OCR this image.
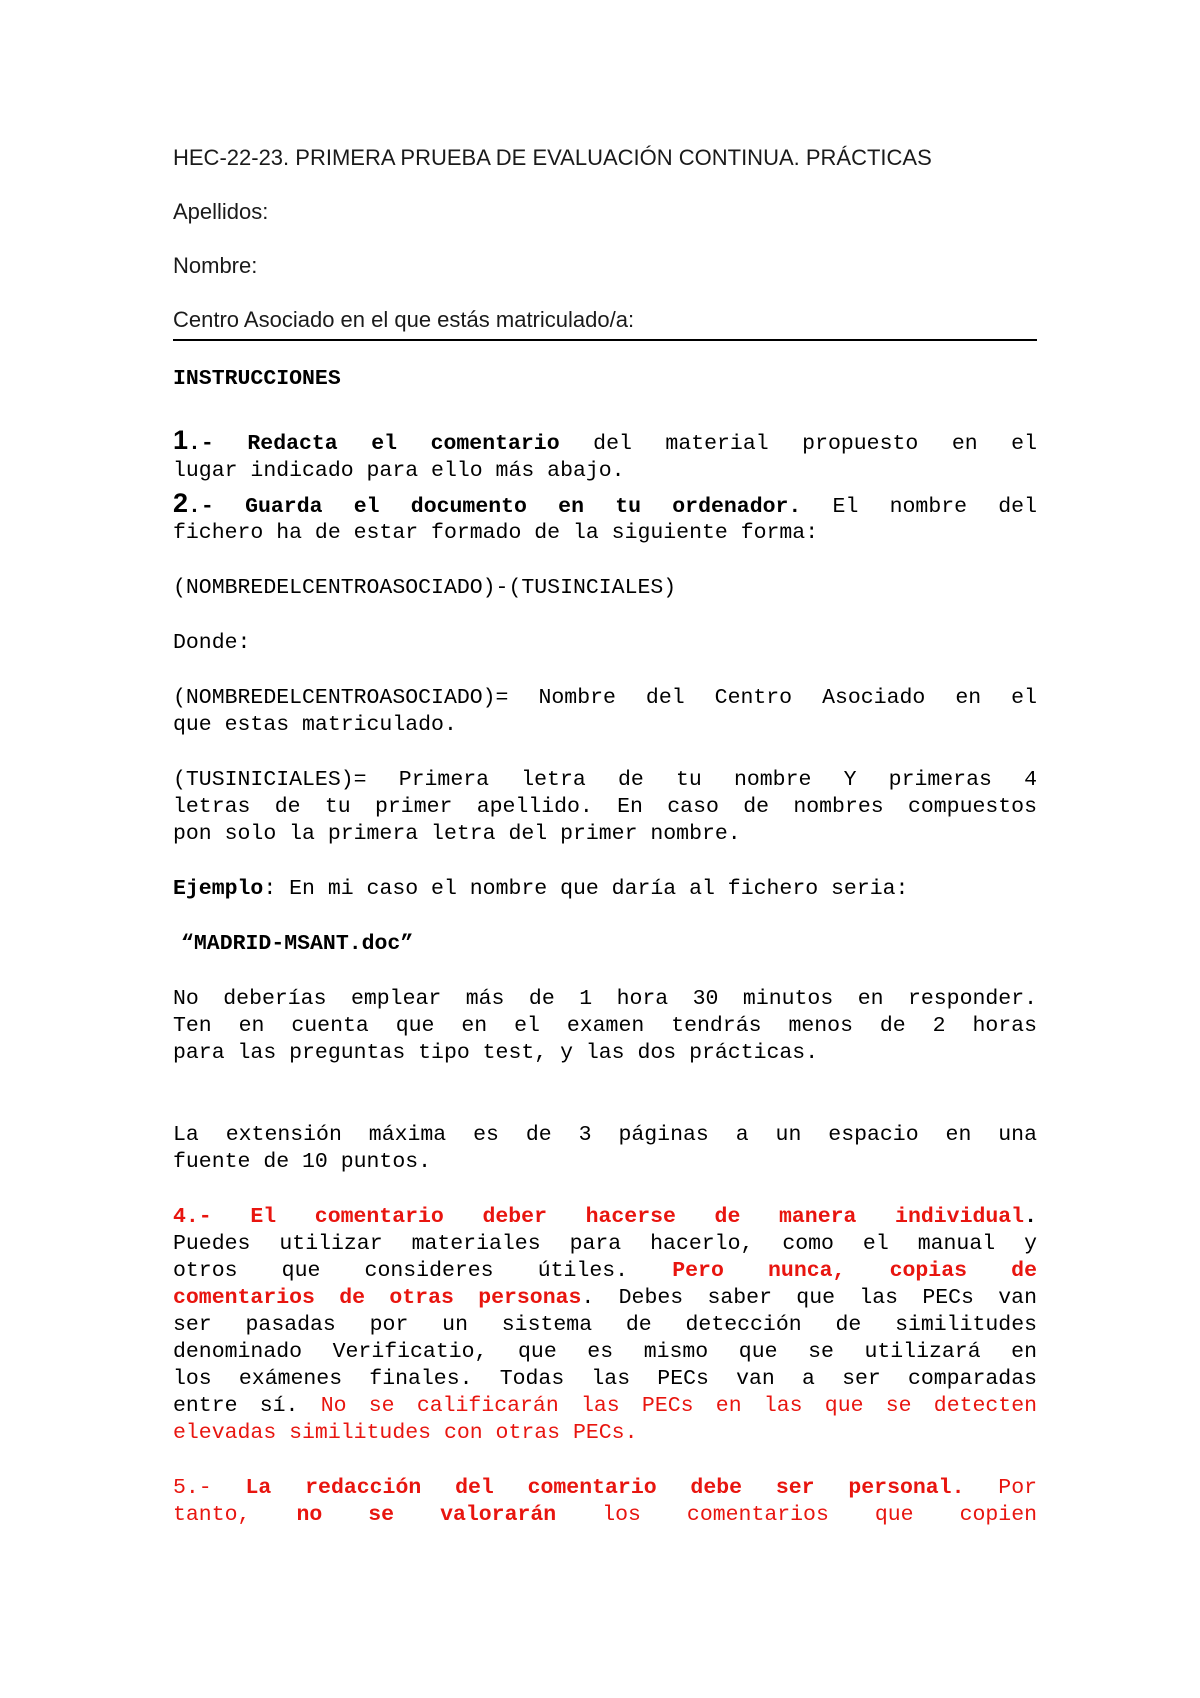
HEC-22-23. PRIMERA PRUEBA DE EVALUACIÓN CONTINUA. PRÁCTICAS

Apellidos:

Nombre:

Centro Asociado en el que estás matriculado/a:

INSTRUCCIONES

1.- Redacta el comentario del material propuesto en el

lugar indicado para ello más abajo.

2.- Guarda el documento en tu ordenador. El nombre del

fichero ha de estar formado de la siguiente forma:

(NOMBREDELCENTROASOCIADO)-(TUSINCIALES)

Donde:

(NOMBREDELCENTROASOCIADO)= Nombre del Centro Asociado en el

que estas matriculado.

(TUSINICIALES)= Primera letra de tu nombre Y primeras 4

letras de tu primer apellido. En caso de nombres compuestos

pon solo la primera letra del primer nombre.

Ejemplo: En mi caso el nombre que daría al fichero seria:

“MADRID-MSANT.doc”

No deberías emplear más de 1 hora 30 minutos en responder.

Ten en cuenta que en el examen tendrás menos de 2 horas

para las preguntas tipo test, y las dos prácticas.

La extensión máxima es de 3 páginas a un espacio en una

fuente de 10 puntos.

4.- El comentario deber hacerse de manera individual.

Puedes utilizar materiales para hacerlo, como el manual y

otros que consideres útiles. Pero nunca, copias de

comentarios de otras personas. Debes saber que las PECs van

ser pasadas por un sistema de detección de similitudes

denominado Verificatio, que es mismo que se utilizará en

los exámenes finales. Todas las PECs van a ser comparadas

entre sí. No se calificarán las PECs en las que se detecten

elevadas similitudes con otras PECs.

5.- La redacción del comentario debe ser personal. Por

tanto, no se valorarán los comentarios que copien
